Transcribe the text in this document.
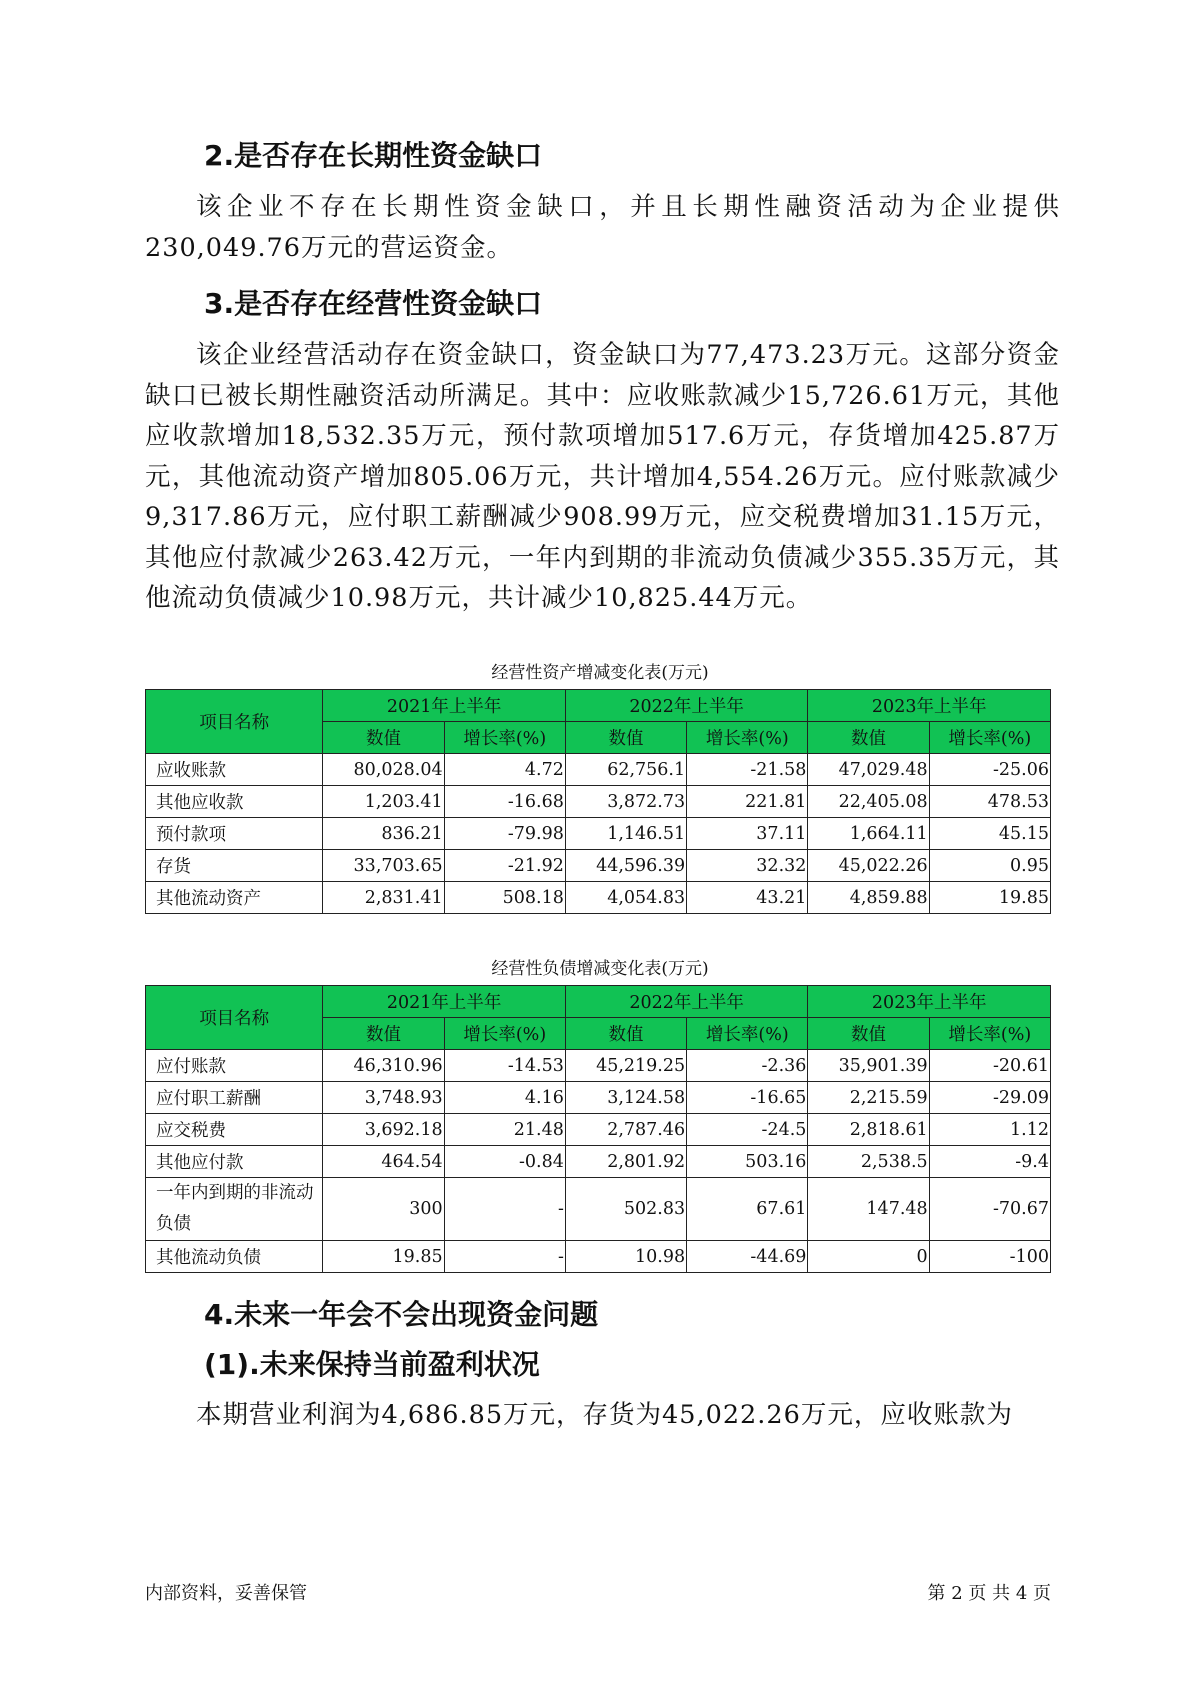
2.是否存在长期性资金缺口
该企业不存在长期性资金缺口，并且长期性融资活动为企业提供230,049.76万元的营运资金。
3.是否存在经营性资金缺口
该企业经营活动存在资金缺口，资金缺口为77,473.23万元。这部分资金缺口已被长期性融资活动所满足。其中：应收账款减少15,726.61万元，其他应收款增加18,532.35万元，预付款项增加517.6万元，存货增加425.87万元，其他流动资产增加805.06万元，共计增加4,554.26万元。应付账款减少9,317.86万元，应付职工薪酬减少908.99万元，应交税费增加31.15万元，其他应付款减少263.42万元，一年内到期的非流动负债减少355.35万元，其他流动负债减少10.98万元，共计减少10,825.44万元。
经营性资产增减变化表(万元)
项目名称	2021年上半年		2022年上半年		2023年上半年	
	数值	增长率(%)	数值	增长率(%)	数值	增长率(%)
应收账款	80,028.04	4.72	62,756.1	-21.58	47,029.48	-25.06
其他应收款	1,203.41	-16.68	3,872.73	221.81	22,405.08	478.53
预付款项	836.21	-79.98	1,146.51	37.11	1,664.11	45.15
存货	33,703.65	-21.92	44,596.39	32.32	45,022.26	0.95
其他流动资产	2,831.41	508.18	4,054.83	43.21	4,859.88	19.85
经营性负债增减变化表(万元)
项目名称	2021年上半年		2022年上半年		2023年上半年	
	数值	增长率(%)	数值	增长率(%)	数值	增长率(%)
应付账款	46,310.96	-14.53	45,219.25	-2.36	35,901.39	-20.61
应付职工薪酬	3,748.93	4.16	3,124.58	-16.65	2,215.59	-29.09
应交税费	3,692.18	21.48	2,787.46	-24.5	2,818.61	1.12
其他应付款	464.54	-0.84	2,801.92	503.16	2,538.5	-9.4
一年内到期的非流动负债	300	-	502.83	67.61	147.48	-70.67
其他流动负债	19.85	-	10.98	-44.69	0	-100
4.未来一年会不会出现资金问题
(1).未来保持当前盈利状况
本期营业利润为4,686.85万元，存货为45,022.26万元，应收账款为
内部资料，妥善保管	第 2 页 共 4 页
